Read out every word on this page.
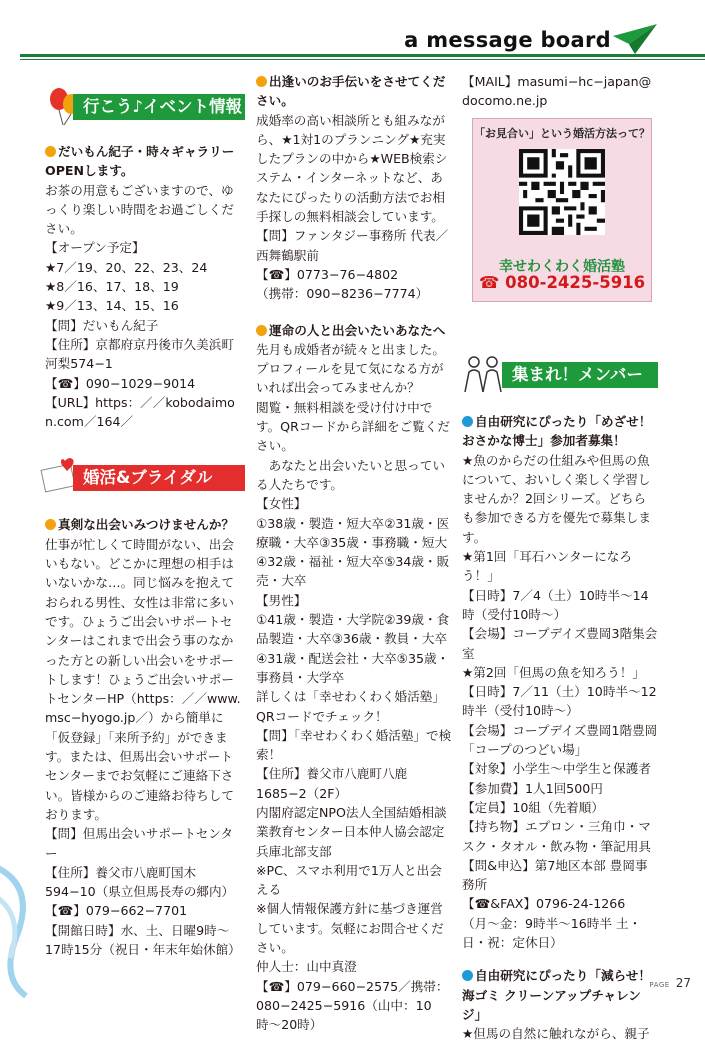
a message board
行こう♪イベント情報

だいもん紀子・時々ギャラリーOPENします。

お茶の用意もございますので、ゆっくり楽しい時間をお過ごしください。

【オープン予定】

★7／19、20、22、23、24

★8／16、17、18、19

★9／13、14、15、16

【問】だいもん紀子

【住所】京都府京丹後市久美浜町河梨574−1

【☎】090−1029−9014

【URL】https：／／kobodaimon.com／164／

婚活&ブライダル

真剣な出会いみつけませんか？

仕事が忙しくて時間がない、出会いもない。どこかに理想の相手はいないかな…。同じ悩みを抱えておられる男性、女性は非常に多いです。ひょうご出会いサポートセンターはこれまで出会う事のなかった方との新しい出会いをサポートします！ひょうご出会いサポートセンターHP（https：／／www.msc−hyogo.jp／）から簡単に「仮登録」「来所予約」ができます。または、但馬出会いサポートセンターまでお気軽にご連絡下さい。皆様からのご連絡お待ちしております。

【問】但馬出会いサポートセンター

【住所】養父市八鹿町国木594−10（県立但馬長寿の郷内）

【☎】079−662−7701

【開館日時】水、土、日曜9時〜17時15分（祝日・年末年始休館）

出逢いのお手伝いをさせてください。

成婚率の高い相談所とも組みながら、★1対1のプランニング★充実したプランの中から★WEB検索システム・インターネットなど、あなたにぴったりの活動方法でお相手探しの無料相談会しています。

【問】ファンタジー事務所 代表／西舞鶴駅前

【☎】0773−76−4802

（携帯：090−8236−7774）

運命の人と出会いたいあなたへ

先月も成婚者が続々と出ました。プロフィールを見て気になる方がいれば出会ってみませんか？

閲覧・無料相談を受け付け中です。QRコードから詳細をご覧ください。

あなたと出会いたいと思っている人たちです。

【女性】

①38歳・製造・短大卒②31歳・医療職・大卒③35歳・事務職・短大④32歳・福祉・短大卒⑤34歳・販売・大卒

【男性】

①41歳・製造・大学院②39歳・食品製造・大卒③36歳・教員・大卒④31歳・配送会社・大卒⑤35歳・事務員・大学卒

詳しくは「幸せわくわく婚活塾」QRコードでチェック！

【問】「幸せわくわく婚活塾」で検索！

【住所】養父市八鹿町八鹿1685−2（2F）

内閣府認定NPO法人全国結婚相談業教育センター日本仲人協会認定兵庫北部支部

※PC、スマホ利用で1万人と出会える

※個人情報保護方針に基づき運営しています。気軽にお問合せください。

仲人士：山中真澄

【☎】079−660−2575／携帯：080−2425−5916（山中：10時〜20時）

【MAIL】masumi−hc−japan@docomo.ne.jp

「お見合い」という婚活方法って？
幸せわくわく婚活塾
☎ 080-2425-5916
集まれ！メンバー募集

自由研究にぴったり「めざせ！おさかな博士」参加者募集！

★魚のからだの仕組みや但馬の魚について、おいしく楽しく学習しませんか？2回シリーズ。どちらも参加できる方を優先で募集します。

★第1回「耳石ハンターになろう！」

【日時】7／4（土）10時半〜14時（受付10時〜）

【会場】コープデイズ豊岡3階集会室

★第2回「但馬の魚を知ろう！」

【日時】7／11（土）10時半〜12時半（受付10時〜）

【会場】コープデイズ豊岡1階豊岡「コープのつどい場」

【対象】小学生〜中学生と保護者

【参加費】1人1回500円

【定員】10組（先着順）

【持ち物】エプロン・三角巾・マスク・タオル・飲み物・筆記用具

【問&申込】第7地区本部 豊岡事務所

【☎&FAX】0796-24-1266（月〜金：9時半〜16時半 土・日・祝：定休日）

自由研究にぴったり「減らせ！海ゴミ クリーンアップチャレンジ」

★但馬の自然に触れながら、親子

PAGE 27
